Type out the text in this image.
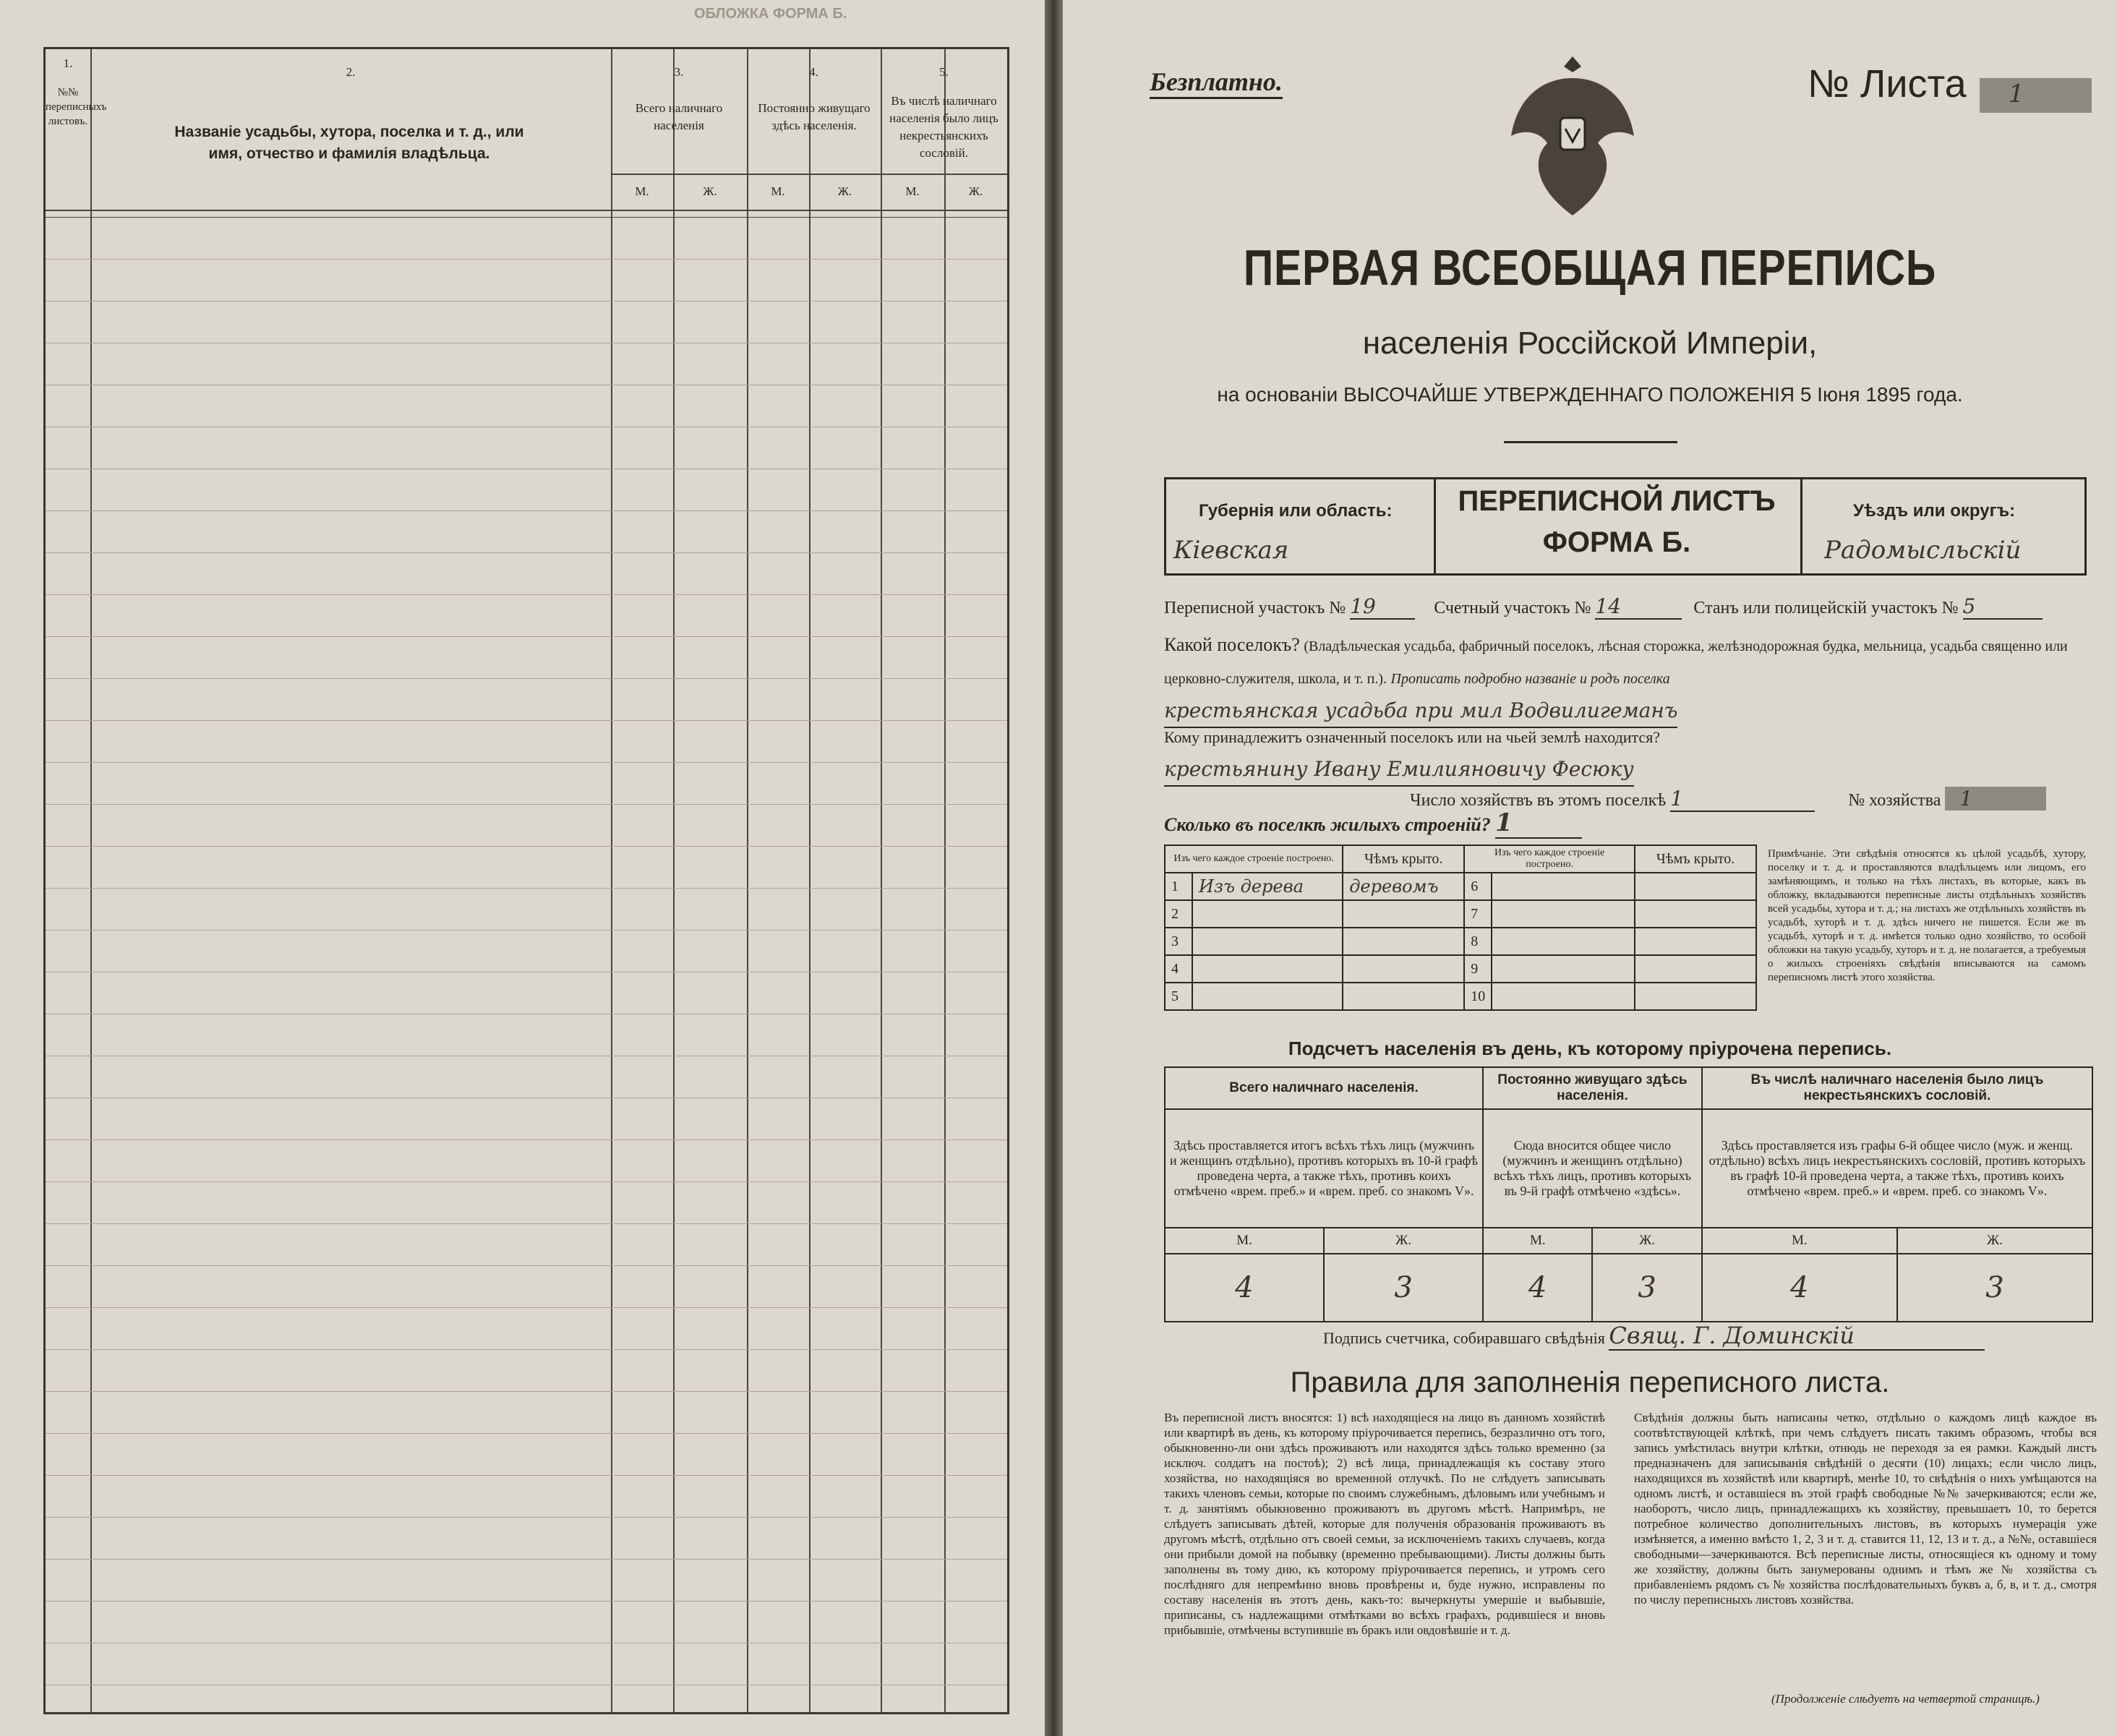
ОБЛОЖКА ФОРМА Б.
1.
№№ переписныхъ листовъ.
2.
Названіе усадьбы, хутора, поселка и т. д., или имя, отчество и фамилія владѣльца.
3.
Всего наличнаго населенія
М.	Ж.
4.
Постоянно живущаго здѣсь населенія.
М.	Ж.
5.
Въ числѣ наличнаго населенія было лицъ некрестьянскихъ сословій.
М.	Ж.
Безплатно.	№ Листа 1
ПЕРВАЯ ВСЕОБЩАЯ ПЕРЕПИСЬ
населенія Россійской Имперіи,
на основаніи ВЫСОЧАЙШЕ УТВЕРЖДЕННАГО ПОЛОЖЕНІЯ 5 Іюня 1895 года.
Губернія или область:
Кіевская
ПЕРЕПИСНОЙ ЛИСТЪ
ФОРМА Б.
Уѣздъ или округъ:
Радомысльскій
Переписной участокъ № 19	Счетный участокъ № 14	Станъ или полицейскій участокъ № 5
Какой поселокъ? (Владѣльческая усадьба, фабричный поселокъ, лѣсная сторожка, желѣзнодорожная будка, мельница, усадьба священно или церковно-служителя, школа, и т. п.). Прописать подробно названіе и родъ поселка крестьянская усадьба при мил Водвилигеманъ
Кому принадлежитъ означенный поселокъ или на чьей землѣ находится? крестьянину Ивану Емилияновичу Фесюку
Число хозяйствъ въ этомъ поселкѣ 1	№ хозяйства 1
Сколько въ поселкѣ жилыхъ строеній? 1
Изъ чего каждое строеніе построено.		Чѣмъ крыто.	Изъ чего каждое строеніе построено.		Чѣмъ крыто.
1	Изъ дерева	деревомъ	6		
2			7		
3			8		
4			9		
5			10		
Примѣчаніе. Эти свѣдѣнія относятся къ цѣлой усадьбѣ, хутору, поселку и т. д. и проставляются владѣльцемъ или лицомъ, его замѣняющимъ, и только на тѣхъ листахъ, въ которые, какъ въ обложку, вкладываются переписные листы отдѣльныхъ хозяйствъ всей усадьбы, хутора и т. д.; на листахъ же отдѣльныхъ хозяйствъ въ усадьбѣ, хуторѣ и т. д. здѣсь ничего не пишется. Если же въ усадьбѣ, хуторѣ и т. д. имѣется только одно хозяйство, то особой обложки на такую усадьбу, хуторъ и т. д. не полагается, а требуемыя о жилыхъ строеніяхъ свѣдѣнія вписываются на самомъ переписномъ листѣ этого хозяйства.
Подсчетъ населенія въ день, къ которому пріурочена перепись.
Всего наличнаго населенія.		Постоянно живущаго здѣсь населенія.		Въ числѣ наличнаго населенія было лицъ некрестьянскихъ сословій.	
Здѣсь проставляется итогъ всѣхъ тѣхъ лицъ (мужчинъ и женщинъ отдѣльно), противъ которыхъ въ 10-й графѣ проведена черта, а также тѣхъ, противъ коихъ отмѣчено «врем. преб.» и «врем. преб. со знакомъ V».		Сюда вносится общее число (мужчинъ и женщинъ отдѣльно) всѣхъ тѣхъ лицъ, противъ которыхъ въ 9-й графѣ отмѣчено «здѣсь».		Здѣсь проставляется изъ графы 6-й общее число (муж. и женщ. отдѣльно) всѣхъ лицъ некрестьянскихъ сословій, противъ которыхъ въ графѣ 10-й проведена черта, а также тѣхъ, противъ коихъ отмѣчено «врем. преб.» и «врем. преб. со знакомъ V».	
М.	Ж.	М.	Ж.	М.	Ж.
4	3	4	3	4	3
Подпись счетчика, собиравшаго свѣдѣнія Свящ. Г. Доминскій
Правила для заполненія переписного листа.
Въ переписной листъ вносятся: 1) всѣ находящіеся на лицо въ данномъ хозяйствѣ или квартирѣ въ день, къ которому пріурочивается перепись, безразлично отъ того, обыкновенно-ли они здѣсь проживаютъ или находятся здѣсь только временно (за исключ. солдатъ на постоѣ); 2) всѣ лица, принадлежащія къ составу этого хозяйства, но находящіяся во временной отлучкѣ. По не слѣдуетъ записывать такихъ членовъ семьи, которые по своимъ служебнымъ, дѣловымъ или учебнымъ и т. д. занятіямъ обыкновенно проживаютъ въ другомъ мѣстѣ. Напримѣръ, не слѣдуетъ записывать дѣтей, которые для полученія образованія проживаютъ въ другомъ мѣстѣ, отдѣльно отъ своей семьи, за исключеніемъ такихъ случаевъ, когда они прибыли домой на побывку (временно пребывающими). Листы должны быть заполнены въ тому дню, къ которому пріурочивается перепись, и утромъ сего послѣдняго для непремѣнно вновь провѣрены и, буде нужно, исправлены по составу населенія въ этотъ день, какъ-то: вычеркнуты умершіе и выбывшіе, приписаны, съ надлежащими отмѣтками во всѣхъ графахъ, родившіеся и вновь прибывшіе, отмѣчены вступившіе въ бракъ или овдовѣвшіе и т. д.
Свѣдѣнія должны быть написаны четко, отдѣльно о каждомъ лицѣ каждое въ соотвѣтствующей клѣткѣ, при чемъ слѣдуетъ писать такимъ образомъ, чтобы вся запись умѣстилась внутри клѣтки, отнюдь не переходя за ея рамки. Каждый листъ предназначенъ для записыванія свѣдѣній о десяти (10) лицахъ; если число лицъ, находящихся въ хозяйствѣ или квартирѣ, менѣе 10, то свѣдѣнія о нихъ умѣщаются на одномъ листѣ, и оставшіеся въ этой графѣ свободные №№ зачеркиваются; если же, наоборотъ, число лицъ, принадлежащихъ къ хозяйству, превышаетъ 10, то берется потребное количество дополнительныхъ листовъ, въ которыхъ нумерація уже измѣняется, а именно вмѣсто 1, 2, 3 и т. д. ставится 11, 12, 13 и т. д., а №№, оставшіеся свободными—зачеркиваются. Всѣ переписные листы, относящіеся къ одному и тому же хозяйству, должны быть занумерованы однимъ и тѣмъ же № хозяйства съ прибавленіемъ рядомъ съ № хозяйства послѣдовательныхъ буквъ а, б, в, и т. д., смотря по числу переписныхъ листовъ хозяйства.
(Продолженіе слѣдуетъ на четвертой страницѣ.)
